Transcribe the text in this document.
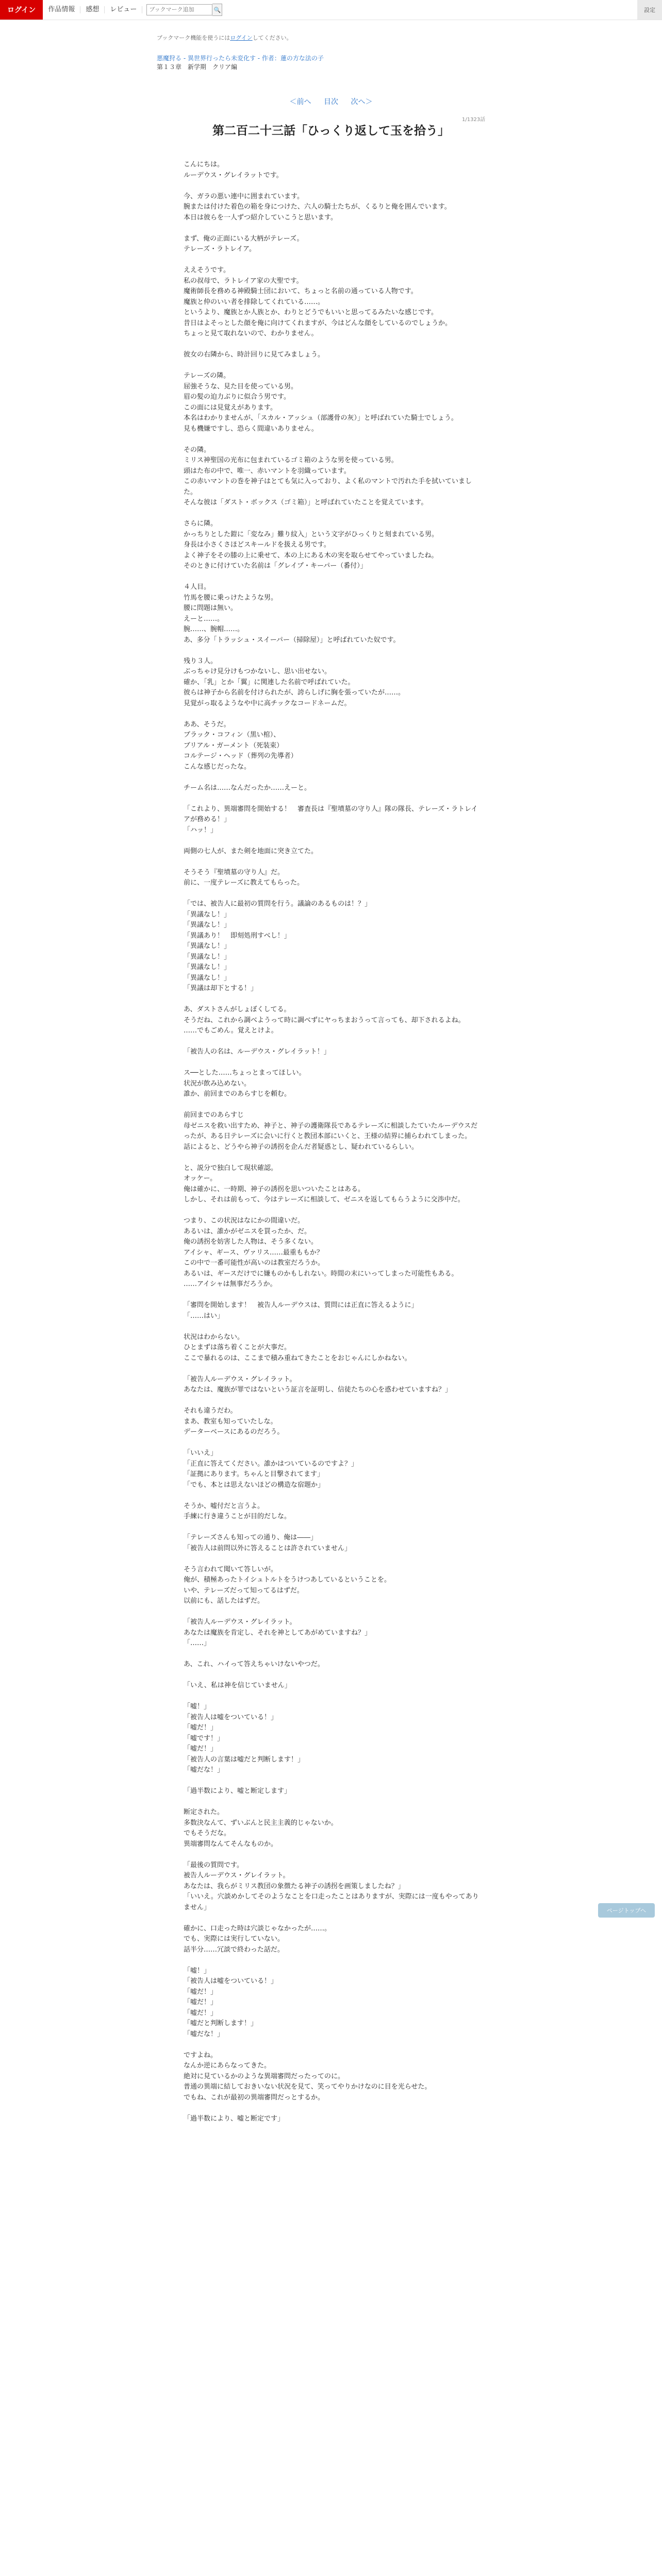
ログイン	作品情報	感想	レビュー
ブックマーク追加	🔍	設定
ブックマーク機能を使うにはログインしてください。
悪魔狩る - 異世界行ったら未変化す - 作者：蓮の方な法の子
第１３章　新学期　クリア編
＜前へ 目次 次へ＞
1/1323話
第二百二十三話「ひっくり返して玉を拾う」

こんにちは。
ルーデウス・グレイラットです。

今、ガラの悪い連中に囲まれています。
腕または付けた着色の箱を身につけた、六人の騎士たちが、くるりと俺を囲んでいます。
本日は彼らを一人ずつ紹介していこうと思います。

まず、俺の正面にいる大柄がテレーズ。
テレーズ・ラトレイア。

ええそうです。
私の叔母で、ラトレイア家の大聖です。
魔術師長を務める神殿騎士団において、ちょっと名前の通っている人物です。
魔族と仲のいい者を排除してくれている……。
というより、魔族とか人族とか、わりとどうでもいいと思ってるみたいな感じです。
昔日はよそっとした顔を俺に向けてくれますが、今はどんな顔をしているのでしょうか。
ちょっと見て取れないので、わかりません。

彼女の右隣から、時計回りに見てみましょう。

テレーズの隣。
屈強そうな、見た目を使っている男。
眉の髪の迫力ぶりに似合う男です。
この面には見覚えがあります。
本名はわかりませんが、「スカル・アッシュ（部護骨の灰）」と呼ばれていた騎士でしょう。
見も機嫌ですし、恐らく間違いありません。

その隣。
ミリス神聖国の光布に包まれているゴミ箱のような男を使っている男。
頭はた布の中で、唯一、赤いマントを羽織っています。
この赤いマントの巻を神子はとても気に入っており、よく私のマントで汚れた手を拭いていました。
そんな彼は「ダスト・ボックス（ゴミ箱）」と呼ばれていたことを覚えています。

さらに隣。
かっちりとした鎧に「変なみ」難り紋入」という文字がひっくりと刻まれている男。
身長は小さくさほどスキールドを扱える男です。
よく神子をその膝の上に乗せて、本の上にある木の実を取らせてやっていましたね。
そのときに付けていた名前は「グレイプ・キーパー（番付）」

４人目。
竹馬を腰に乗っけたような男。
腰に問題は無い。
えーと……。
腕……、腕帽……。
あ、多分「トラッシュ・スイーパー（掃除屋）」と呼ばれていた奴です。

残り３人。
ぶっちゃけ見分けもつかないし、思い出せない。
確か、「乳」とか「翼」に関連した名前で呼ばれていた。
彼らは神子から名前を付けられたが、誇らしげに胸を張っていたが……。
見覚がっ取るようなや中に高チックなコードネームだ。

ああ、そうだ。
ブラック・コフィン（黒い棺）、
ブリアル・ガーメント（死装束）
コルテージ・ヘッド（葬列の先導者）
こんな感じだったな。

チーム名は……なんだったか……えーと。

「これより、異端審問を開始する！　審査長は『聖墳墓の守り人』隊の隊長、テレーズ・ラトレイアが務める！」
「ハッ！」

両側の七人が、また剣を地面に突き立てた。

そうそう『聖墳墓の守り人』だ。
前に、一度テレーズに教えてもらった。

「では、被告人に最初の質問を行う。議論のあるものは！？」
「異議なし！」
「異議なし！」
「異議あり！　即刻処刑すべし！」
「異議なし！」
「異議なし！」
「異議なし！」
「異議なし！」
「異議は却下とする！」

あ、ダストさんがしょぼくしてる。
そうだね、これから調べようって時に調べずにヤっちまおうって言っても、却下されるよね。
……でもごめん。覚えとけよ。

「被告人の名は、ルーデウス・グレイラット！」

ス──とした……ちょっとまってほしい。
状況が飲み込めない。
誰か、前回までのあらすじを頼む。

前回までのあらすじ
母ゼニスを救い出すため、神子と、神子の護衛隊長であるテレーズに相談したていたルーデウスだったが、ある日テレーズに会いに行くと教団本部にいくと、王様の結界に捕らわれてしまった。
話によると、どうやら神子の誘拐を企んだ者疑惑とし、疑われているらしい。

と、説分で独白して現状確認。
オッケー。
俺は確かに、一時期、神子の誘拐を思いついたことはある。
しかし、それは前もって、今はテレーズに相談して、ゼニスを返してもらうように交渉中だ。

つまり、この状況はなにかの間違いだ。
あるいは、誰かがゼニスを買ったか、だ。
俺の誘拐を妨害した人物は、そう多くない。
アイシャ、ギース、ヴァリス……最重ももか？
この中で一番可能性が高いのは教室だろうか。
あるいは、ギースだけでに嫌ものかもしれない。時間の末にいってしまった可能性もある。
……アイシャは無事だろうか。

「審問を開始します！　被告人ルーデウスは、質問には正直に答えるように」
「……はい」

状況はわからない。
ひとまずは落ち着くことが大事だ。
ここで暴れるのは、ここまで積み重ねてきたことをおじゃんにしかねない。

「被告人ルーデウス・グレイラット。
あなたは、魔族が罪ではないという証言を証明し、信徒たちの心を惑わせていますね？」

それも違うだわ。
まあ、教室も知っていたしな。
データーベースにあるのだろう。

「いいえ」
「正直に答えてください。誰かはついているのですよ？」
「証拠にあります。ちゃんと目撃されてます」
「でも、本とは思えないほどの構造な宿題か」

そうか、嘘付だと言うよ。
手練に行き違うことが目的だしな。

「テレーズさんも知っての通り、俺は――」
「被告人は前問以外に答えることは許されていません」

そう言われて聞いて答しいが。
俺が、積極あったトイシュトルトをうけつあしているということを。
いや、テレーズだって知ってるはずだ。
以前にも、話したはずだ。

「被告人ルーデウス・グレイラット。
あなたは魔族を肯定し、それを神としてあがめていますね？」
「……」

あ、これ、ハイって答えちゃいけないやつだ。

「いえ、私は神を信じていません」

「嘘！」
「被告人は嘘をついている！」
「嘘だ！」
「嘘です！」
「嘘だ！」
「被告人の言葉は嘘だと判断します！」
「嘘だな！」

「過半数により、嘘と断定します」

断定された。
多数決なんて、ずいぶんと民主主義的じゃないか。
でもそうだな。
異端審問なんてそんなものか。

「最後の質問です。
被告人ルーデウス・グレイラット。
あなたは、我らがミリス教団の象徴たる神子の誘拐を画策しましたね？」
「いいえ。穴談めかしてそのようなことを口走ったことはありますが、実際には一度もやってありません」

確かに、口走った時は穴談じゃなかったが……。
でも、実際には実行していない。
話半分……冗談で終わった話だ。

「嘘！」
「被告人は嘘をついている！」
「嘘だ！」
「嘘だ！」
「嘘だ！」
「嘘だと判断します！」
「嘘だな！」

ですよね。
なんか逆にあらなってきた。
絶対に見ているかのような異端審問だったってのに。
普通の異端に結しておきいない状況を見て、笑ってやりかけなのに目を光らせた。
でもね、これが最初の異端審問だっとするか。

「過半数により、嘘と断定です」

ページトップへ
